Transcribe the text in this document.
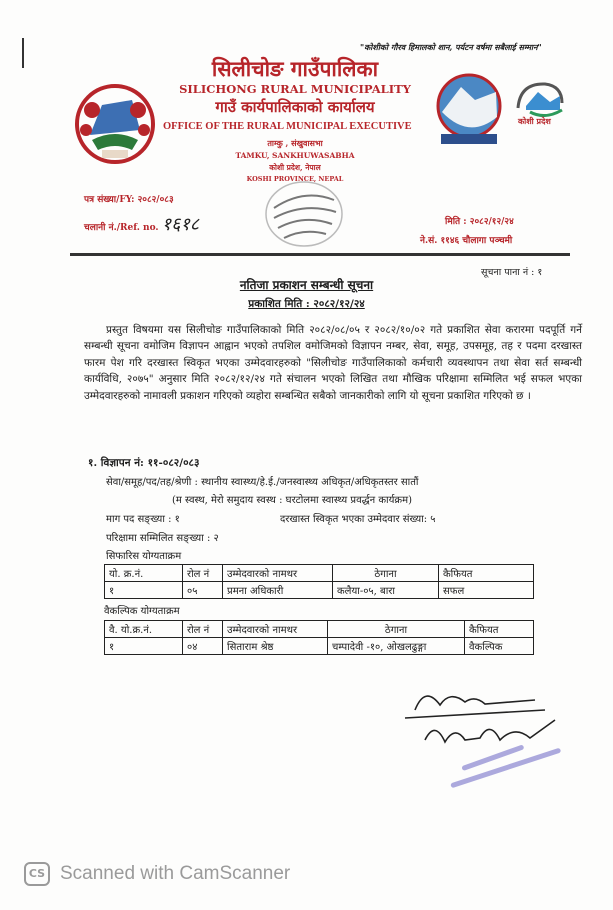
"कोशीको गौरव हिमालको शान, पर्यटन वर्षमा सबैलाई सम्मान"
सिलीचोङ गाउँपालिका
SILICHONG RURAL MUNICIPALITY
गाउँ कार्यपालिकाको कार्यालय
OFFICE OF THE RURAL MUNICIPAL EXECUTIVE
ताम्कु , संखुवासभा
TAMKU, SANKHUWASABHA
कोशी प्रदेश, नेपाल
KOSHI PROVINCE, NEPAL
कोशी प्रदेश
पत्र संख्या/FY: २०८२/०८३
चलानी नं./Ref. no. १६१८	मिति : २०८२/१२/२४
ने.सं. ११४६ चौलागा पञ्चमी
सूचना पाना नं : १
नतिजा प्रकाशन सम्बन्धी सूचना
प्रकाशित मिति : २०८२/१२/२४
प्रस्तुत विषयमा यस सिलीचोङ गाउँपालिकाको मिति २०८२/०८/०५ र २०८२/१०/०२ गते प्रकाशित सेवा करारमा पदपूर्ति गर्ने सम्बन्धी सूचना वमोजिम विज्ञापन आह्वान भएको तपशिल वमोजिमको विज्ञापन नम्बर, सेवा, समूह, उपसमूह, तह र पदमा दरखास्त फारम पेश गरि दरखास्त स्विकृत भएका उम्मेदवारहरुको "सिलीचोङ गाउँपालिकाको कर्मचारी व्यवस्थापन तथा सेवा सर्त सम्बन्धी कार्यविधि, २०७५" अनुसार मिति २०८२/१२/२४ गते संचालन भएको लिखित तथा मौखिक परिक्षामा सम्मिलित भई सफल भएका उम्मेदवारहरुको नामावली प्रकाशन गरिएको व्यहोरा सम्बन्धित सबैको जानकारीको लागि यो सूचना प्रकाशित गरिएको छ ।
१. विज्ञापन नं: ११-०८२/०८३
सेवा/समूह/पद/तह/श्रेणी : स्थानीय स्वास्थ्य/हे.ई./जनस्वास्थ्य अधिकृत/अधिकृतस्तर सातौं
(म स्वस्थ, मेरो समुदाय स्वस्थ : घरटोलमा स्वास्थ्य प्रवर्द्धन कार्यक्रम)
माग पद सङ्ख्या : १	दरखास्त स्विकृत भएका उम्मेदवार संख्या: ५
परिक्षामा सम्मिलित सङ्ख्या : २
सिफारिस योग्यताक्रम
यो. क्र.नं.	रोल नं	उम्मेदवारको नामथर	ठेगाना	कैफियत
१	०५	प्रमना अधिकारी	कलैया-०५, बारा	सफल
वैकल्पिक योग्यताक्रम
वै. यो.क्र.नं.	रोल नं	उम्मेदवारको नामथर	ठेगाना	कैफियत
१	०४	सिताराम श्रेष्ठ	चम्पादेवी -१०, ओखलढुङ्गा	वैकल्पिक
CS Scanned with CamScanner
